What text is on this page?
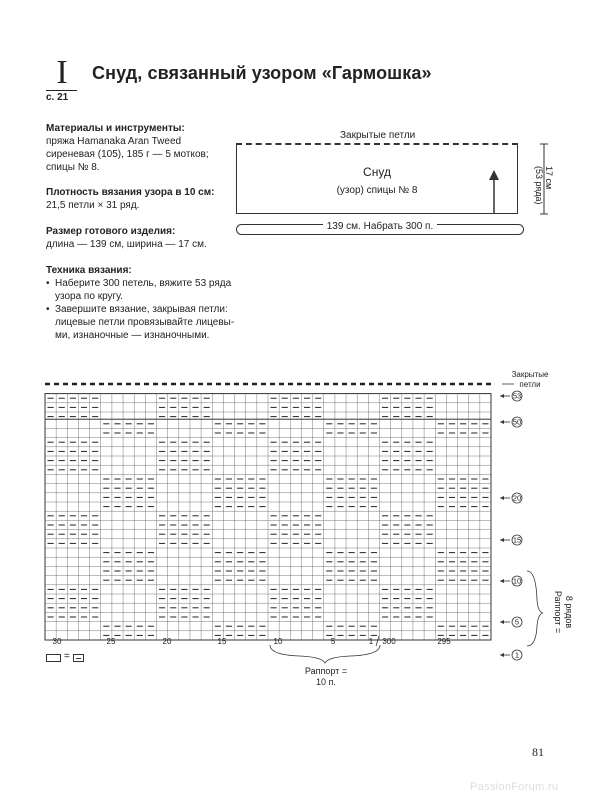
I
с. 21
Снуд, связанный узором «Гармошка»
Материалы и инструменты:

пряжа Hamanaka Aran Tweed

сиреневая (105), 185 г — 5 мотков;

спицы № 8.

Плотность вязания узора в 10 см:

21,5 петли × 31 ряд.

Размер готового изделия:

длина — 139 см, ширина — 17 см.

Техника вязания:
• Наберите 300 петель, вяжите 53 ряда
узора по кругу.
• Завершите вязание, закрывая петли:
лицевые петли провязывайте лицевы-
ми, изнаночные — изнаночными.
Закрытые петли
Снуд
(узор) спицы № 8
139 см. Набрать 300 п.
17 см
(53 ряда)
Закрытые
петли
53
50
20
15
10
5
1
30	25	20	15	10	5	1 300	295
Раппорт =
10 п.
Раппорт = 8 рядов
=
81
PassionForum.ru
